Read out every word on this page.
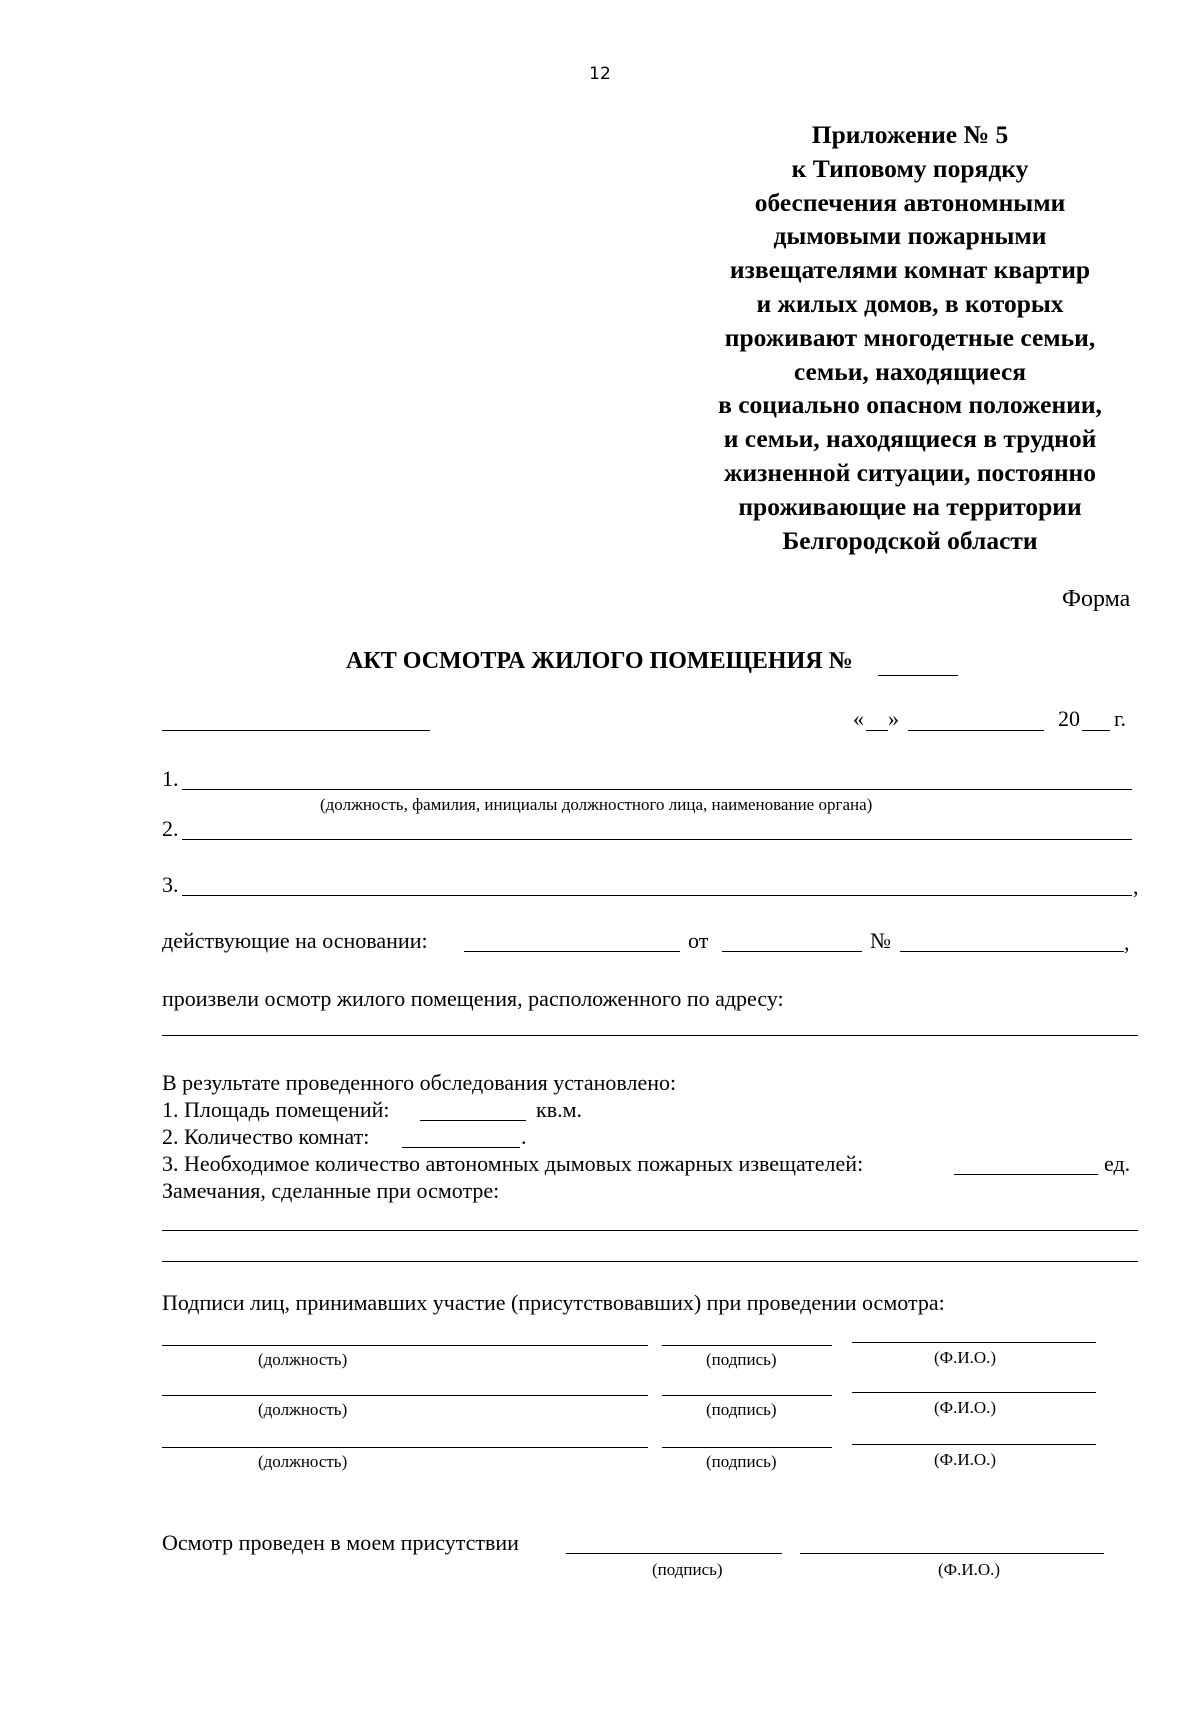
12
Приложение № 5
к Типовому порядку
обеспечения автономными
дымовыми пожарными
извещателями комнат квартир
и жилых домов, в которых
проживают многодетные семьи,
семьи, находящиеся
в социально опасном положении,
и семьи, находящиеся в трудной
жизненной ситуации, постоянно
проживающие на территории
Белгородской области
Форма
АКТ ОСМОТРА ЖИЛОГО ПОМЕЩЕНИЯ №
« »	20 г.
1.
(должность, фамилия, инициалы должностного лица, наименование органа)
2.
3.	,
действующие на основании:	от	№	,
произвели осмотр жилого помещения, расположенного по адресу:
В результате проведенного обследования установлено:
1. Площадь помещений:	кв.м.
2. Количество комнат:	.
3. Необходимое количество автономных дымовых пожарных извещателей:	ед.
Замечания, сделанные при осмотре:
Подписи лиц, принимавших участие (присутствовавших) при проведении осмотра:
(должность)	(подпись)	(Ф.И.О.)
(должность)	(подпись)	(Ф.И.О.)
(должность)	(подпись)	(Ф.И.О.)
Осмотр проведен в моем присутствии
(подпись)	(Ф.И.О.)
